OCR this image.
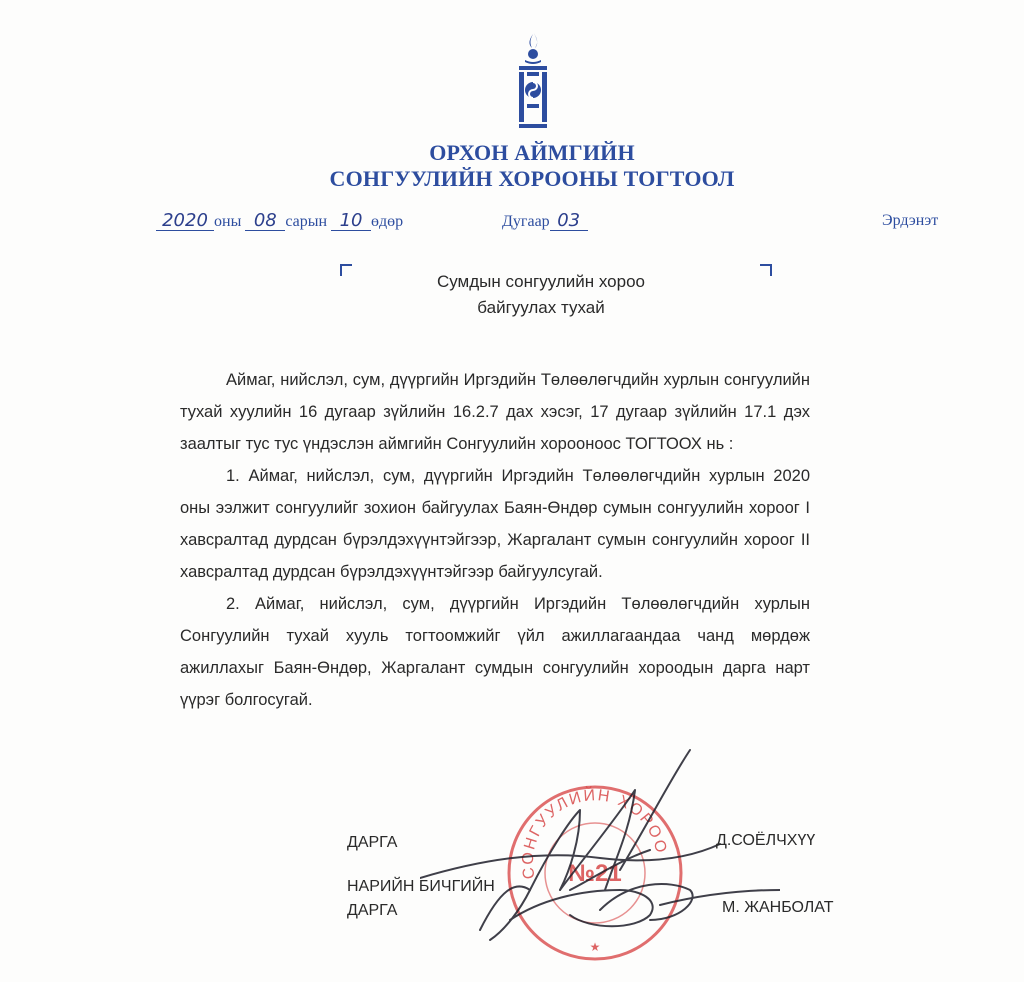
ОРХОН АЙМГИЙН
СОНГУУЛИЙН ХОРООНЫ ТОГТООЛ
2020 оны 08 сарын 10 өдөр	Дугаар 03	Эрдэнэт
Сумдын сонгуулийн хороо
байгуулах тухай

Аймаг, нийслэл, сум, дүүргийн Иргэдийн Төлөөлөгчдийн хурлын сонгуулийн тухай хуулийн 16 дугаар зүйлийн 16.2.7 дах хэсэг, 17 дугаар зүйлийн 17.1 дэх заалтыг тус тус үндэслэн аймгийн Сонгуулийн хорооноос ТОГТООХ нь :

1. Аймаг, нийслэл, сум, дүүргийн Иргэдийн Төлөөлөгчдийн хурлын 2020 оны ээлжит сонгуулийг зохион байгуулах Баян-Өндөр сумын сонгуулийн хороог I хавсралтад дурдсан бүрэлдэхүүнтэйгээр, Жаргалант сумын сонгуулийн хороог II хавсралтад дурдсан бүрэлдэхүүнтэйгээр байгуулсугай.

2. Аймаг, нийслэл, сум, дүүргийн Иргэдийн Төлөөлөгчдийн хурлын Сонгуулийн тухай хууль тогтоомжийг үйл ажиллагаандаа чанд мөрдөж ажиллахыг Баян-Өндөр, Жаргалант сумдын сонгуулийн хороодын дарга нарт үүрэг болгосугай.

СОНГУУЛИЙН ХОРОО
№21
★
ДАРГА	Д.СОЁЛЧХҮҮ
НАРИЙН БИЧГИЙН
ДАРГА	М. ЖАНБОЛАТ
